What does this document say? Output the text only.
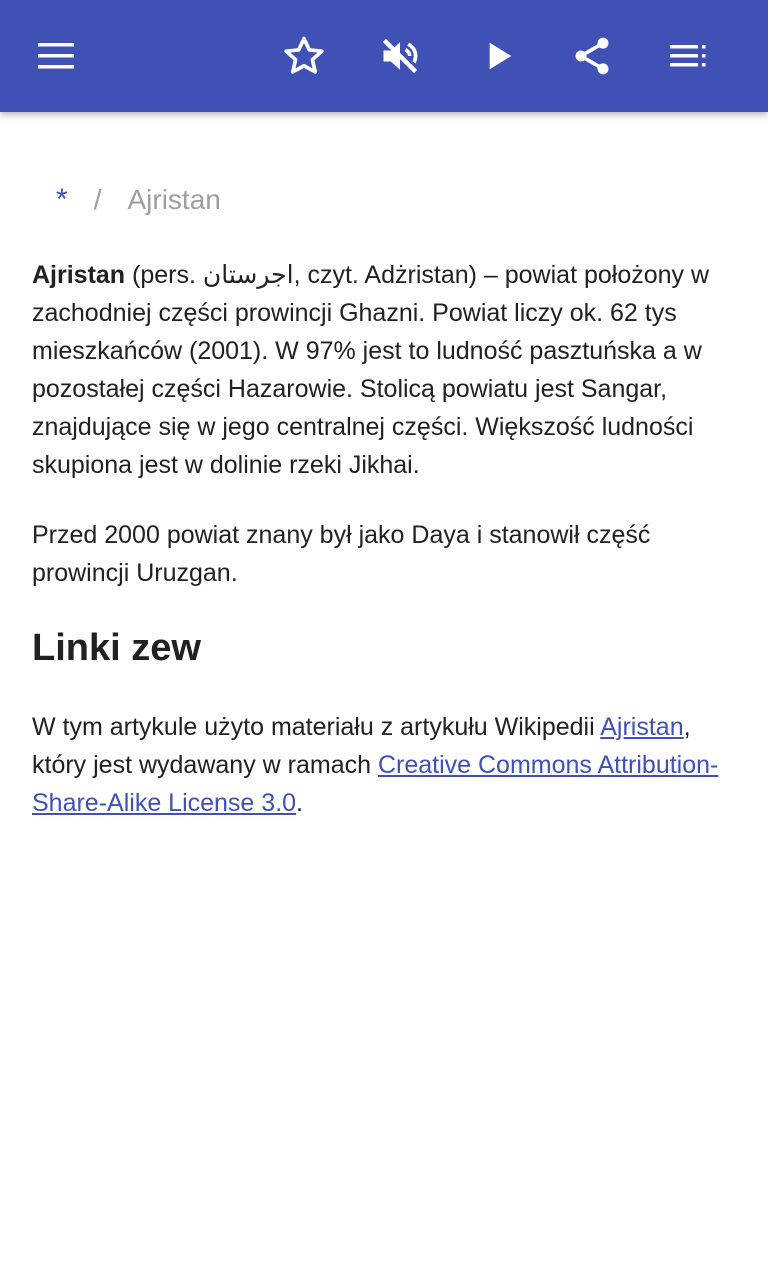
* / Ajristan

Ajristan (pers. اجرستان, czyt. Adżristan) – powiat położony w zachodniej części prowincji Ghazni. Powiat liczy ok. 62 tys mieszkańców (2001). W 97% jest to ludność pasztuńska a w pozostałej części Hazarowie. Stolicą powiatu jest Sangar, znajdujące się w jego centralnej części. Większość ludności skupiona jest w dolinie rzeki Jikhai.

Przed 2000 powiat znany był jako Daya i stanowił część prowincji Uruzgan.

Linki zew

W tym artykule użyto materiału z artykułu Wikipedii Ajristan, który jest wydawany w ramach Creative Commons Attribution-Share-Alike License 3.0.
